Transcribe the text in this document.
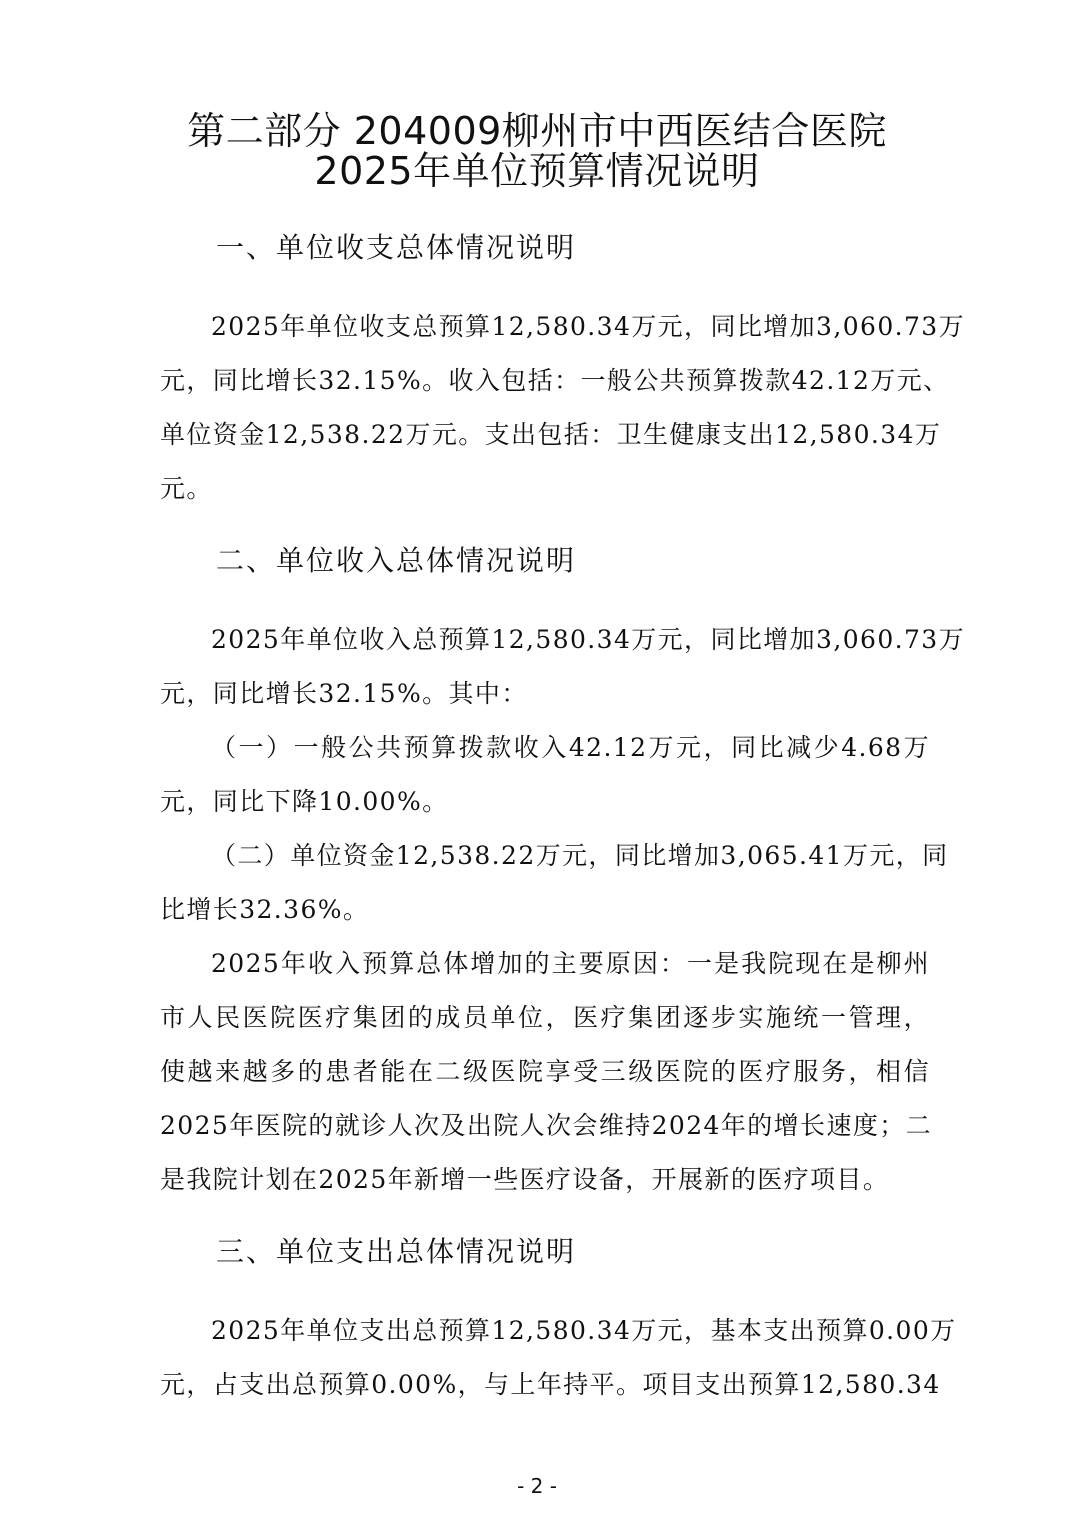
第二部分 204009柳州市中西医结合医院
2025年单位预算情况说明
一、单位收支总体情况说明
2025年单位收支总预算12,580.34万元，同比增加3,060.73万
元，同比增长32.15%。收入包括：一般公共预算拨款42.12万元、
单位资金12,538.22万元。支出包括：卫生健康支出12,580.34万
元。
二、单位收入总体情况说明
2025年单位收入总预算12,580.34万元，同比增加3,060.73万
元，同比增长32.15%。其中：
（一）一般公共预算拨款收入42.12万元，同比减少4.68万
元，同比下降10.00%。
（二）单位资金12,538.22万元，同比增加3,065.41万元，同
比增长32.36%。
2025年收入预算总体增加的主要原因：一是我院现在是柳州
市人民医院医疗集团的成员单位，医疗集团逐步实施统一管理，
使越来越多的患者能在二级医院享受三级医院的医疗服务，相信
2025年医院的就诊人次及出院人次会维持2024年的增长速度；二
是我院计划在2025年新增一些医疗设备，开展新的医疗项目。
三、单位支出总体情况说明
2025年单位支出总预算12,580.34万元，基本支出预算0.00万
元，占支出总预算0.00%，与上年持平。项目支出预算12,580.34
- 2 -
